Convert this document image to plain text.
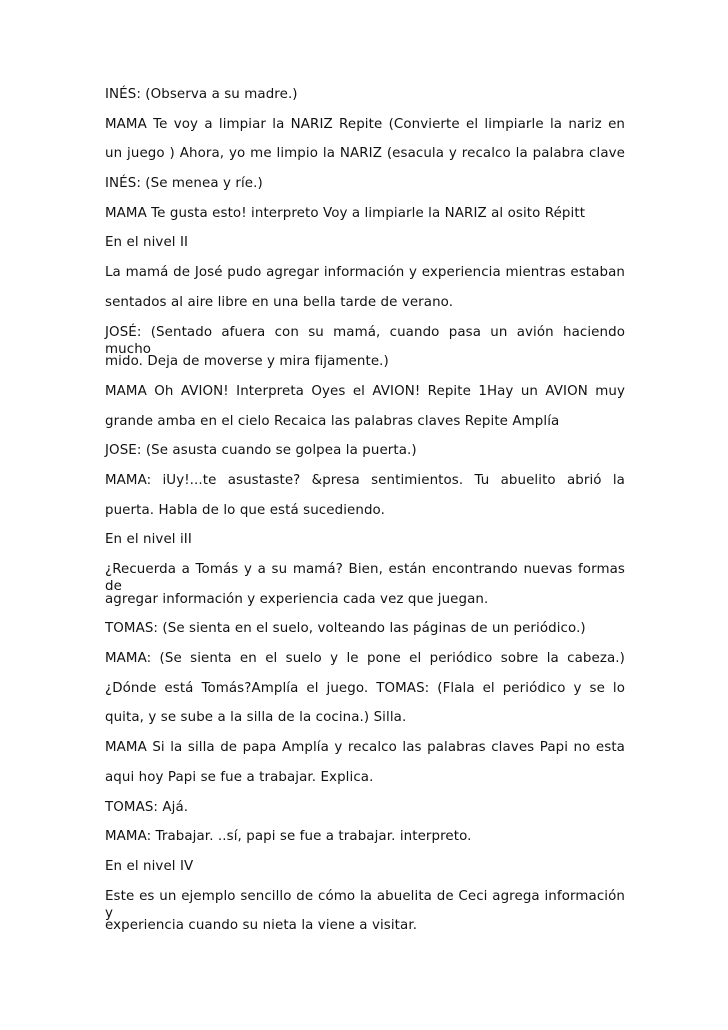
INÉS: (Observa a su madre.)
MAMA Te voy a limpiar la NARIZ Repite (Convierte el limpiarle la nariz en
un juego ) Ahora, yo me limpio la NARIZ (esacula y recalco la palabra clave
INÉS: (Se menea y ríe.)
MAMA Te gusta esto! interpreto Voy a limpiarle la NARIZ al osito Répitt
En el nivel II
La mamá de José pudo agregar información y experiencia mientras estaban
sentados al aire libre en una bella tarde de verano.
JOSÉ: (Sentado afuera con su mamá, cuando pasa un avión haciendo mucho
mido. Deja de moverse y mira fijamente.)
MAMA Oh AVION! Interpreta Oyes el AVION! Repite 1Hay un AVION muy
grande amba en el cielo Recaica las palabras claves Repite Amplía
JOSE: (Se asusta cuando se golpea la puerta.)
MAMA: iUy!...te asustaste? &presa sentimientos. Tu abuelito abrió la
puerta. Habla de lo que está sucediendo.
En el nivel iII
¿Recuerda a Tomás y a su mamá? Bien, están encontrando nuevas formas de
agregar información y experiencia cada vez que juegan.
TOMAS: (Se sienta en el suelo, volteando las páginas de un periódico.)
MAMA: (Se sienta en el suelo y le pone el periódico sobre la cabeza.)
¿Dónde está Tomás?Amplía el juego. TOMAS: (Flala el periódico y se lo
quita, y se sube a la silla de la cocina.) Silla.
MAMA Si la silla de papa Amplía y recalco las palabras claves Papi no esta
aqui hoy Papi se fue a trabajar. Explica.
TOMAS: Ajá.
MAMA: Trabajar. ..sí, papi se fue a trabajar. interpreto.
En el nivel IV
Este es un ejemplo sencillo de cómo la abuelita de Ceci agrega información y
experiencia cuando su nieta la viene a visitar.
